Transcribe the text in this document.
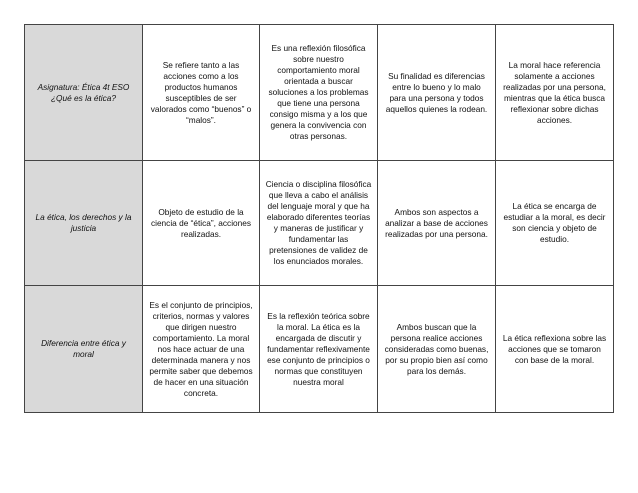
Asignatura: Ética 4t ESO ¿Qué es la ética?	Se refiere tanto a las acciones como a los productos humanos susceptibles de ser valorados como “buenos” o “malos”.	Es una reflexión filosófica sobre nuestro comportamiento moral orientada a buscar soluciones a los problemas que tiene una persona consigo misma y a los que genera la convivencia con otras personas.	Su finalidad es diferencias entre lo bueno y lo malo para una persona y todos aquellos quienes la rodean.	La moral hace referencia solamente a acciones realizadas por una persona, mientras que la ética busca reflexionar sobre dichas acciones.
La ética, los derechos y la justicia	Objeto de estudio de la ciencia de “ética”, acciones realizadas.	Ciencia o disciplina filosófica que lleva a cabo el análisis del lenguaje moral y que ha elaborado diferentes teorías y maneras de justificar y fundamentar las pretensiones de validez de los enunciados morales.	Ambos son aspectos a analizar a base de acciones realizadas por una persona.	La ética se encarga de estudiar a la moral, es decir son ciencia y objeto de estudio.
Diferencia entre ética y moral	Es el conjunto de principios, criterios, normas y valores que dirigen nuestro comportamiento. La moral nos hace actuar de una determinada manera y nos permite saber que debemos de hacer en una situación concreta.	Es la reflexión teórica sobre la moral. La ética es la encargada de discutir y fundamentar reflexivamente ese conjunto de principios o normas que constituyen nuestra moral	Ambos buscan que la persona realice acciones consideradas como buenas, por su propio bien así como para los demás.	La ética reflexiona sobre las acciones que se tomaron con base de la moral.
